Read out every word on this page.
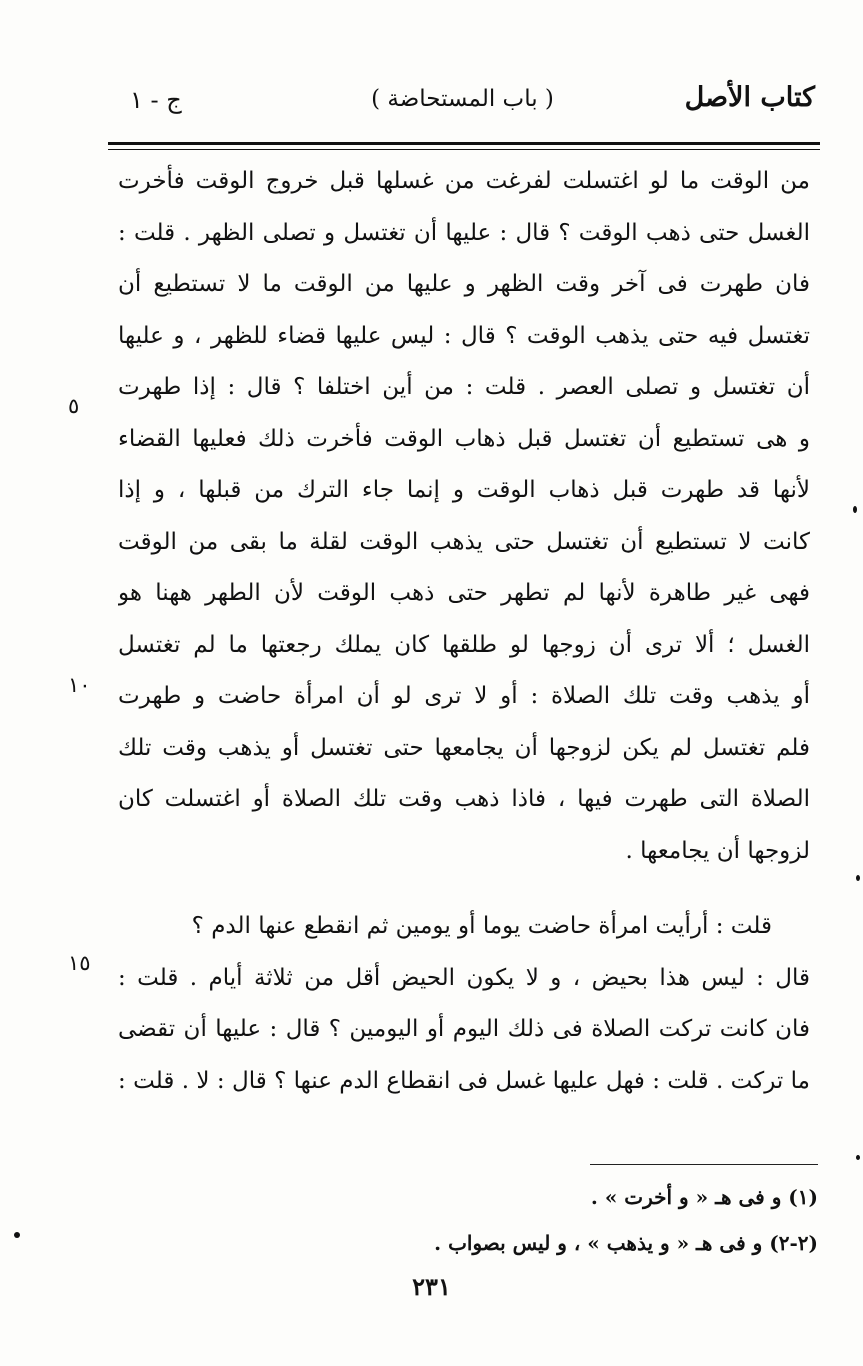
كتاب الأصل
( باب المستحاضة )
ج - ١
من الوقت ما لو اغتسلت لفرغت من غسلها قبل خروج الوقت فأخرت
الغسل حتى ذهب الوقت ؟ قال : عليها أن تغتسل و تصلى الظهر . قلت :
فان طهرت فى آخر وقت الظهر و عليها من الوقت ما لا تستطيع أن
تغتسل فيه حتى يذهب الوقت ؟ قال : ليس عليها قضاء للظهر ، و عليها
أن تغتسل و تصلى العصر . قلت : من أين اختلفا ؟ قال : إذا طهرت
و هى تستطيع أن تغتسل قبل ذهاب الوقت فأخرت ذلك فعليها القضاء
لأنها قد طهرت قبل ذهاب الوقت و إنما جاء الترك من قبلها ، و إذا
كانت لا تستطيع أن تغتسل حتى يذهب الوقت لقلة ما بقى من الوقت
فهى غير طاهرة لأنها لم تطهر حتى ذهب الوقت لأن الطهر ههنا هو
الغسل ؛ ألا ترى أن زوجها لو طلقها كان يملك رجعتها ما لم تغتسل
أو يذهب وقت تلك الصلاة : أو لا ترى لو أن امرأة حاضت و طهرت
فلم تغتسل لم يكن لزوجها أن يجامعها حتى تغتسل أو يذهب وقت تلك
الصلاة التى طهرت فيها ، فاذا ذهب وقت تلك الصلاة أو اغتسلت كان
لزوجها أن يجامعها .
قلت : أرأيت امرأة حاضت يوما أو يومين ثم انقطع عنها الدم ؟
قال : ليس هذا بحيض ، و لا يكون الحيض أقل من ثلاثة أيام . قلت :
فان كانت تركت الصلاة فى ذلك اليوم أو اليومين ؟ قال : عليها أن تقضى
ما تركت . قلت : فهل عليها غسل فى انقطاع الدم عنها ؟ قال : لا . قلت :
٥
١٠
١٥
(١) و فى هـ « و أخرت » .
(٢-٢) و فى هـ « و يذهب » ، و ليس بصواب .
٢٣١
